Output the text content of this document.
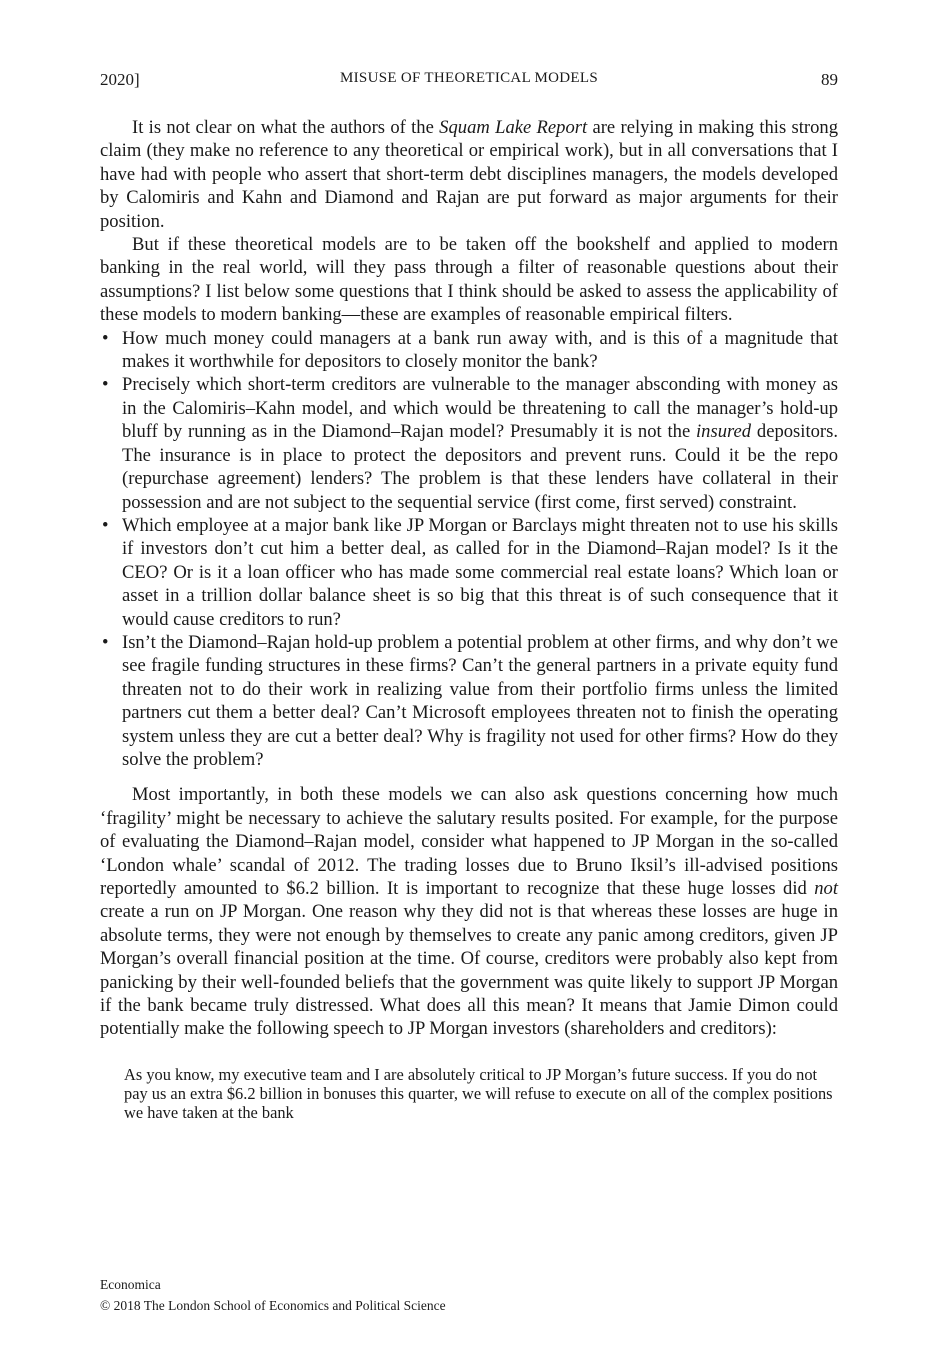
2020]	MISUSE OF THEORETICAL MODELS	89

It is not clear on what the authors of the Squam Lake Report are relying in making this strong claim (they make no reference to any theoretical or empirical work), but in all conversations that I have had with people who assert that short-term debt disciplines managers, the models developed by Calomiris and Kahn and Diamond and Rajan are put forward as major arguments for their position.

But if these theoretical models are to be taken off the bookshelf and applied to modern banking in the real world, will they pass through a filter of reasonable questions about their assumptions? I list below some questions that I think should be asked to assess the applicability of these models to modern banking—these are examples of reasonable empirical filters.

• How much money could managers at a bank run away with, and is this of a magnitude that makes it worthwhile for depositors to closely monitor the bank?
• Precisely which short-term creditors are vulnerable to the manager absconding with money as in the Calomiris–Kahn model, and which would be threatening to call the manager’s hold-up bluff by running as in the Diamond–Rajan model? Presumably it is not the insured depositors. The insurance is in place to protect the depositors and prevent runs. Could it be the repo (repurchase agreement) lenders? The problem is that these lenders have collateral in their possession and are not subject to the sequential service (first come, first served) constraint.
• Which employee at a major bank like JP Morgan or Barclays might threaten not to use his skills if investors don’t cut him a better deal, as called for in the Diamond–Rajan model? Is it the CEO? Or is it a loan officer who has made some commercial real estate loans? Which loan or asset in a trillion dollar balance sheet is so big that this threat is of such consequence that it would cause creditors to run?
• Isn’t the Diamond–Rajan hold-up problem a potential problem at other firms, and why don’t we see fragile funding structures in these firms? Can’t the general partners in a private equity fund threaten not to do their work in realizing value from their portfolio firms unless the limited partners cut them a better deal? Can’t Microsoft employees threaten not to finish the operating system unless they are cut a better deal? Why is fragility not used for other firms? How do they solve the problem?

Most importantly, in both these models we can also ask questions concerning how much ‘fragility’ might be necessary to achieve the salutary results posited. For example, for the purpose of evaluating the Diamond–Rajan model, consider what happened to JP Morgan in the so-called ‘London whale’ scandal of 2012. The trading losses due to Bruno Iksil’s ill-advised positions reportedly amounted to $6.2 billion. It is important to recognize that these huge losses did not create a run on JP Morgan. One reason why they did not is that whereas these losses are huge in absolute terms, they were not enough by themselves to create any panic among creditors, given JP Morgan’s overall financial position at the time. Of course, creditors were probably also kept from panicking by their well-founded beliefs that the government was quite likely to support JP Morgan if the bank became truly distressed. What does all this mean? It means that Jamie Dimon could potentially make the following speech to JP Morgan investors (shareholders and creditors):

As you know, my executive team and I are absolutely critical to JP Morgan’s future success. If you do not pay us an extra $6.2 billion in bonuses this quarter, we will refuse to execute on all of the complex positions we have taken at the bank
Economica
© 2018 The London School of Economics and Political Science
